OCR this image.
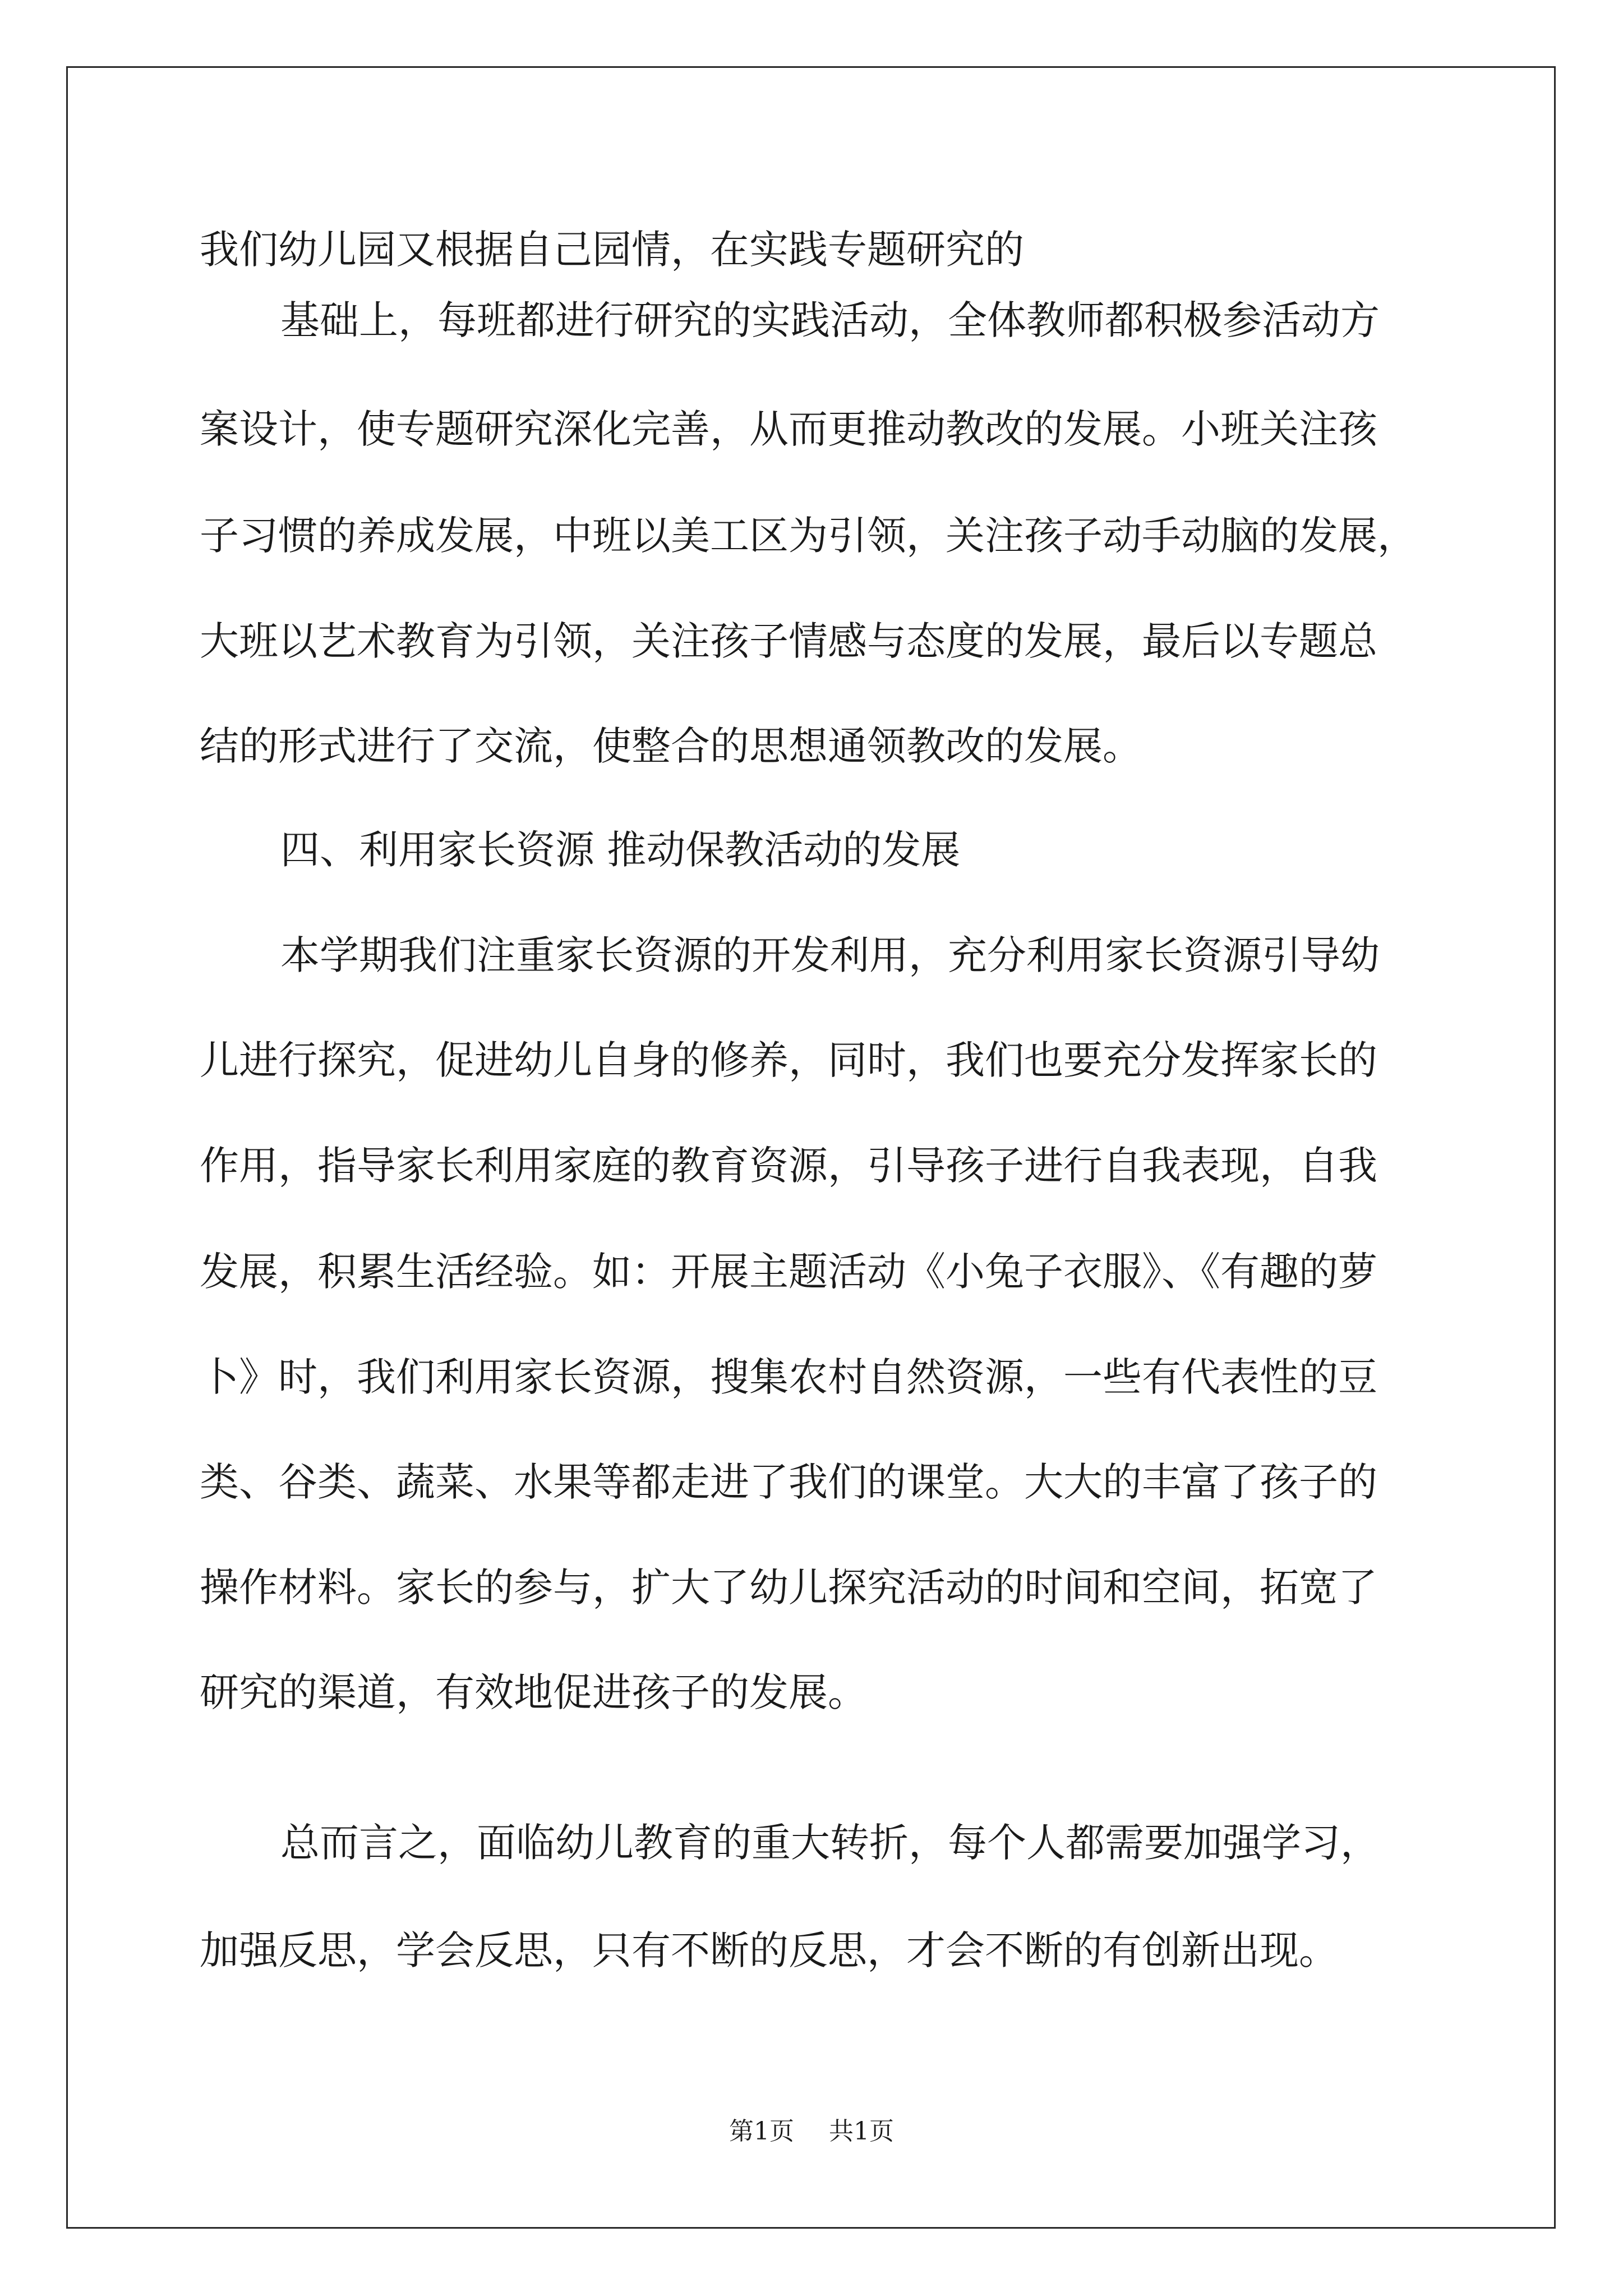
我们幼儿园又根据自己园情，在实践专题研究的
基础上，每班都进行研究的实践活动，全体教师都积极参活动方
案设计，使专题研究深化完善，从而更推动教改的发展。小班关注孩
子习惯的养成发展，中班以美工区为引领，关注孩子动手动脑的发展，
大班以艺术教育为引领，关注孩子情感与态度的发展，最后以专题总
结的形式进行了交流，使整合的思想通领教改的发展。
四、利用家长资源 推动保教活动的发展
本学期我们注重家长资源的开发利用，充分利用家长资源引导幼
儿进行探究，促进幼儿自身的修养，同时，我们也要充分发挥家长的
作用，指导家长利用家庭的教育资源，引导孩子进行自我表现，自我
发展，积累生活经验。如：开展主题活动《小兔子衣服》、《有趣的萝
卜》时，我们利用家长资源，搜集农村自然资源，一些有代表性的豆
类、谷类、蔬菜、水果等都走进了我们的课堂。大大的丰富了孩子的
操作材料。家长的参与，扩大了幼儿探究活动的时间和空间，拓宽了
研究的渠道，有效地促进孩子的发展。
总而言之，面临幼儿教育的重大转折，每个人都需要加强学习，
加强反思，学会反思，只有不断的反思，才会不断的有创新出现。
第1页 共1页
